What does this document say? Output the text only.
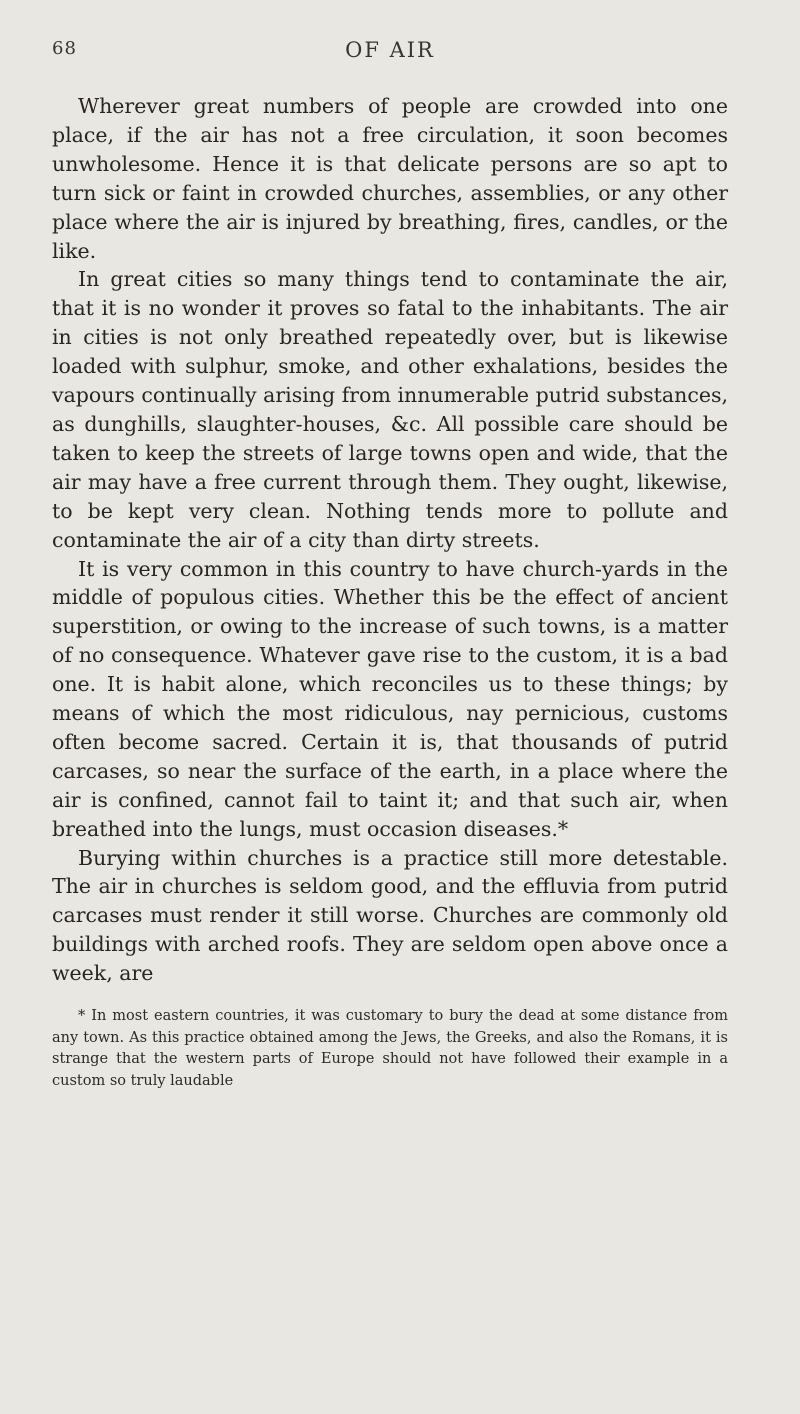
68	OF AIR

Wherever great numbers of people are crowded into one place, if the air has not a free circulation, it soon becomes unwholesome. Hence it is that delicate persons are so apt to turn sick or faint in crowded churches, assemblies, or any other place where the air is injured by breathing, fires, candles, or the like.

In great cities so many things tend to contaminate the air, that it is no wonder it proves so fatal to the inhabitants. The air in cities is not only breathed repeatedly over, but is likewise loaded with sulphur, smoke, and other exhalations, besides the vapours continually arising from innumerable putrid substances, as dunghills, slaughter-houses, &c. All possible care should be taken to keep the streets of large towns open and wide, that the air may have a free current through them. They ought, likewise, to be kept very clean. Nothing tends more to pollute and contaminate the air of a city than dirty streets.

It is very common in this country to have church-yards in the middle of populous cities. Whether this be the effect of ancient superstition, or owing to the increase of such towns, is a matter of no consequence. Whatever gave rise to the custom, it is a bad one. It is habit alone, which reconciles us to these things; by means of which the most ridiculous, nay pernicious, customs often become sacred. Certain it is, that thousands of putrid carcases, so near the surface of the earth, in a place where the air is confined, cannot fail to taint it; and that such air, when breathed into the lungs, must occasion diseases.*

Burying within churches is a practice still more detestable. The air in churches is seldom good, and the effluvia from putrid carcases must render it still worse. Churches are commonly old buildings with arched roofs. They are seldom open above once a week, are

* In most eastern countries, it was customary to bury the dead at some distance from any town. As this practice obtained among the Jews, the Greeks, and also the Romans, it is strange that the western parts of Europe should not have followed their example in a custom so truly laudable
